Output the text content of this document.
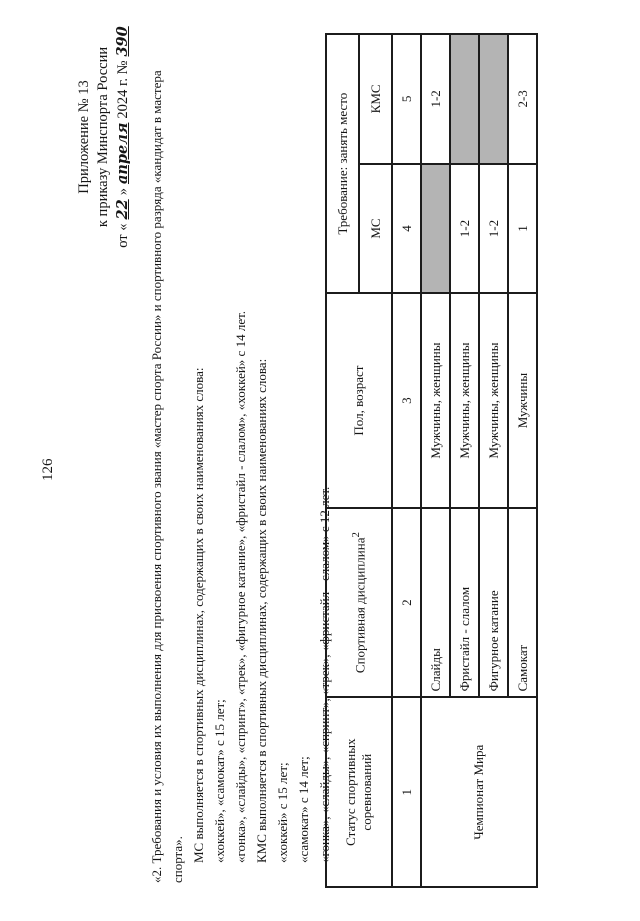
126
Приложение № 13 к приказу Минспорта России
от «
22
»
апреля
2024 г. №
390

«2. Требования и условия их выполнения для присвоения спортивного звания «мастер спорта России» и спортивного разряда «кандидат в мастера спорта». МС выполняется в спортивных дисциплинах, содержащих в своих наименованиях слова: «хоккей», «самокат» с 15 лет; «гонка», «слайды», «спринт», «трек», «фигурное катание», «фристайл - слалом», «хоккей» с 14 лет. КМС выполняется в спортивных дисциплинах, содержащих в своих наименованиях слова: «хоккей» с 15 лет; «самокат» с 14 лет; «гонка», «слайды», «спринт», «трек», «фристайл - слалом» с 12 лет. Статус спортивных соревнований	Спортивная дисциплина$^2$	Пол, возраст	Требование: занять место	
			МС	КМС
1	2	3	4	5
Чемпионат Мира	Слайды	Мужчины, женщины		1-2
	Фристайл - слалом	Мужчины, женщины	1-2	
	Фигурное катание	Мужчины, женщины	1-2	
	Самокат	Мужчины	1	2-3
